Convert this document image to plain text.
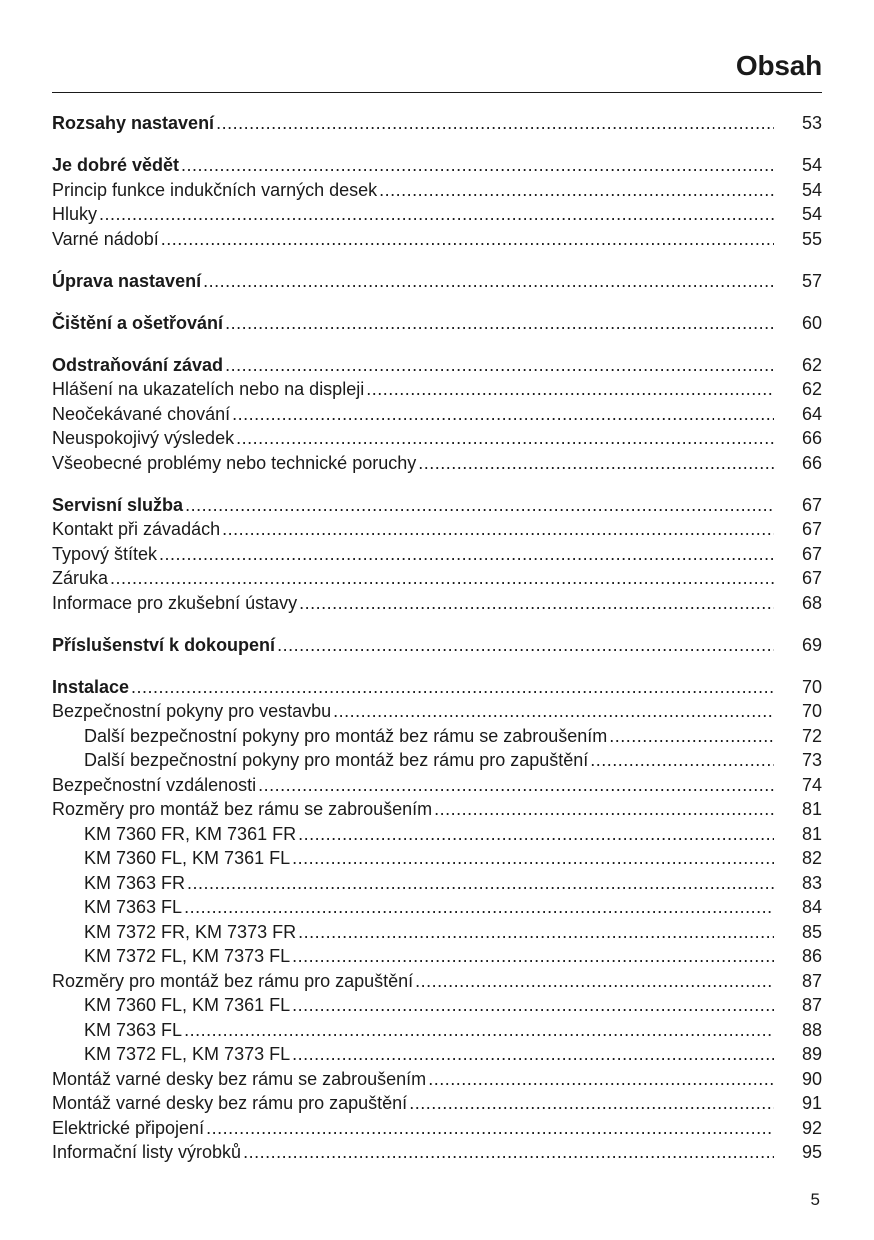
Obsah
Rozsahy nastavení .....	53
Je dobré vědět .....	54
Princip funkce indukčních varných desek .....	54
Hluky .....	54
Varné nádobí .....	55
Úprava nastavení .....	57
Čištění a ošetřování .....	60
Odstraňování závad .....	62
Hlášení na ukazatelích nebo na displeji .....	62
Neočekávané chování .....	64
Neuspokojivý výsledek .....	66
Všeobecné problémy nebo technické poruchy .....	66
Servisní služba .....	67
Kontakt při závadách .....	67
Typový štítek .....	67
Záruka .....	67
Informace pro zkušební ústavy .....	68
Příslušenství k dokoupení .....	69
Instalace .....	70
Bezpečnostní pokyny pro vestavbu .....	70
Další bezpečnostní pokyny pro montáž bez rámu se zabroušením .....	72
Další bezpečnostní pokyny pro montáž bez rámu pro zapuštění .....	73
Bezpečnostní vzdálenosti .....	74
Rozměry pro montáž bez rámu se zabroušením .....	81
KM 7360 FR, KM 7361 FR .....	81
KM 7360 FL, KM 7361 FL .....	82
KM 7363 FR .....	83
KM 7363 FL .....	84
KM 7372 FR, KM 7373 FR .....	85
KM 7372 FL, KM 7373 FL .....	86
Rozměry pro montáž bez rámu pro zapuštění .....	87
KM 7360 FL, KM 7361 FL .....	87
KM 7363 FL .....	88
KM 7372 FL, KM 7373 FL .....	89
Montáž varné desky bez rámu se zabroušením .....	90
Montáž varné desky bez rámu pro zapuštění .....	91
Elektrické připojení .....	92
Informační listy výrobků .....	95
5
